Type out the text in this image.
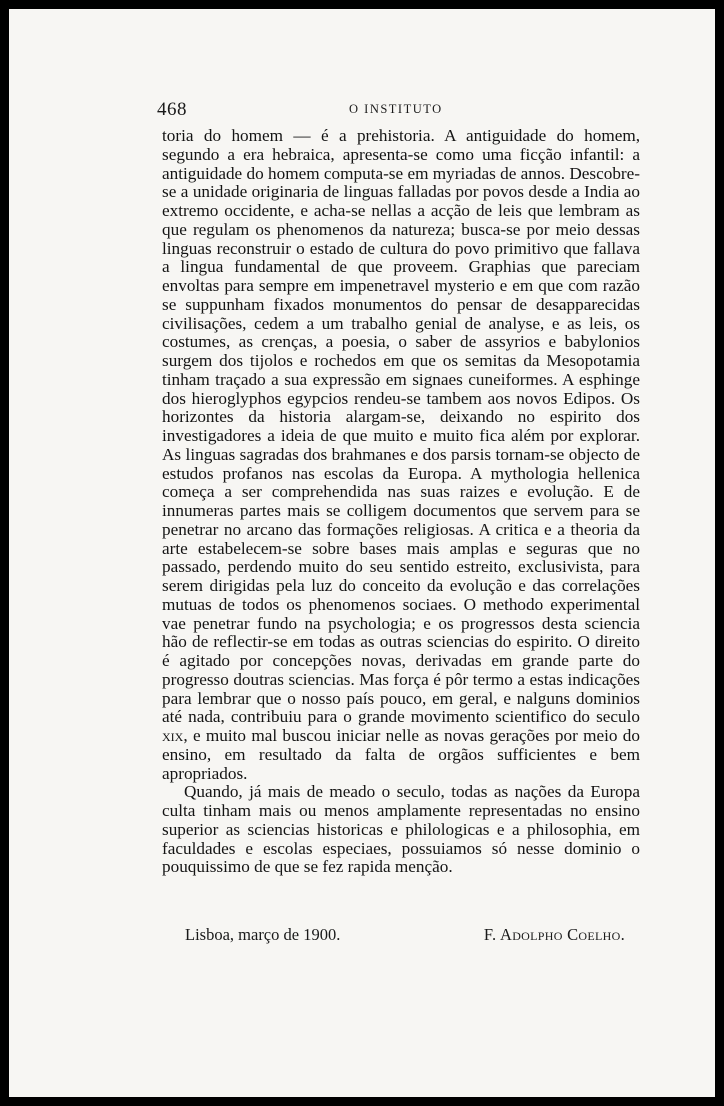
468	O INSTITUTO

toria do homem — é a prehistoria. A antiguidade do homem, segundo a era hebraica, apresenta-se como uma ficção infantil: a antiguidade do homem computa-se em myriadas de annos. Descobre-se a unidade originaria de linguas falladas por povos desde a India ao extremo occidente, e acha-se nellas a acção de leis que lembram as que regulam os phenomenos da natureza; busca-se por meio dessas linguas reconstruir o estado de cultura do povo primitivo que fallava a lingua fundamental de que proveem. Graphias que pareciam envoltas para sempre em impenetravel mysterio e em que com razão se suppunham fixados monumentos do pensar de desapparecidas civilisações, cedem a um trabalho genial de analyse, e as leis, os costumes, as crenças, a poesia, o saber de assyrios e babylonios surgem dos tijolos e rochedos em que os semitas da Mesopotamia tinham traçado a sua expressão em signaes cuneiformes. A esphinge dos hieroglyphos egypcios rendeu-se tambem aos novos Edipos. Os horizontes da historia alargam-se, deixando no espirito dos investigadores a ideia de que muito e muito fica além por explorar. As linguas sagradas dos brahmanes e dos parsis tornam-se objecto de estudos profanos nas escolas da Europa. A mythologia hellenica começa a ser comprehendida nas suas raizes e evolução. E de innumeras partes mais se colligem documentos que servem para se penetrar no arcano das formações religiosas. A critica e a theoria da arte estabelecem-se sobre bases mais amplas e seguras que no passado, perdendo muito do seu sentido estreito, exclusivista, para serem dirigidas pela luz do conceito da evolução e das correlações mutuas de todos os phenomenos sociaes. O methodo experimental vae penetrar fundo na psychologia; e os progressos desta sciencia hão de reflectir-se em todas as outras sciencias do espirito. O direito é agitado por concepções novas, derivadas em grande parte do progresso doutras sciencias. Mas força é pôr termo a estas indicações para lembrar que o nosso país pouco, em geral, e nalguns dominios até nada, contribuiu para o grande movimento scientifico do seculo xix, e muito mal buscou iniciar nelle as novas gerações por meio do ensino, em resultado da falta de orgãos sufficientes e bem apropriados.

Quando, já mais de meado o seculo, todas as nações da Europa culta tinham mais ou menos amplamente representadas no ensino superior as sciencias historicas e philologicas e a philosophia, em faculdades e escolas especiaes, possuiamos só nesse dominio o pouquissimo de que se fez rapida menção.

Lisboa, março de 1900.	F. Adolpho Coelho.
